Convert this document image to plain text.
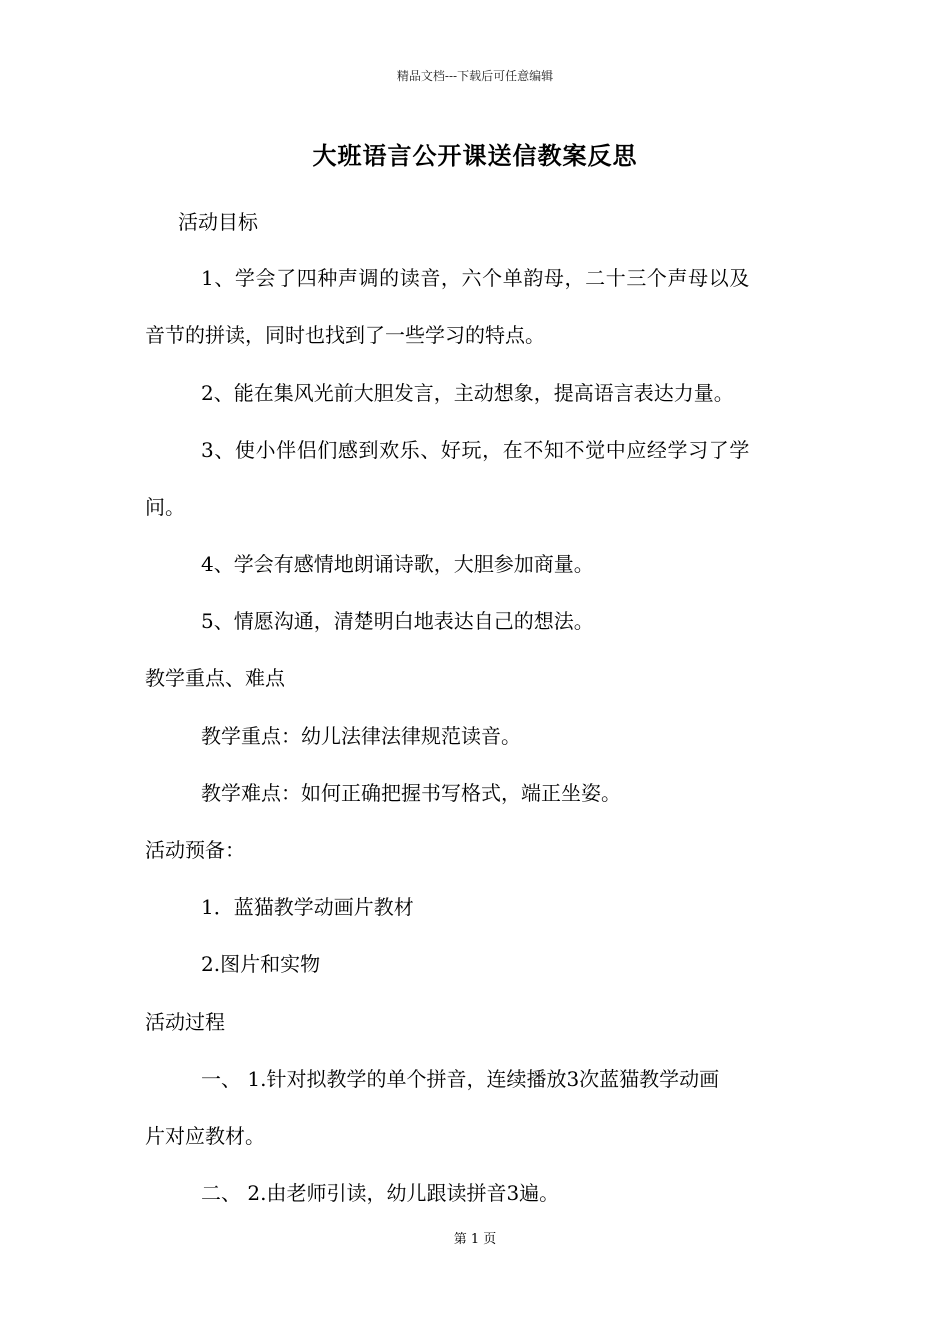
精品文档---下载后可任意编辑
大班语言公开课送信教案反思
活动目标
1、学会了四种声调的读音，六个单韵母，二十三个声母以及
音节的拼读，同时也找到了一些学习的特点。
2、能在集风光前大胆发言，主动想象，提高语言表达力量。
3、使小伴侣们感到欢乐、好玩，在不知不觉中应经学习了学
问。
4、学会有感情地朗诵诗歌，大胆参加商量。
5、情愿沟通，清楚明白地表达自己的想法。
教学重点、难点
教学重点：幼儿法律法律规范读音。
教学难点：如何正确把握书写格式，端正坐姿。
活动预备：
1．蓝猫教学动画片教材
2.图片和实物
活动过程
一、 1.针对拟教学的单个拼音，连续播放3次蓝猫教学动画
片对应教材。
二、 2.由老师引读，幼儿跟读拼音3遍。
第 1 页
